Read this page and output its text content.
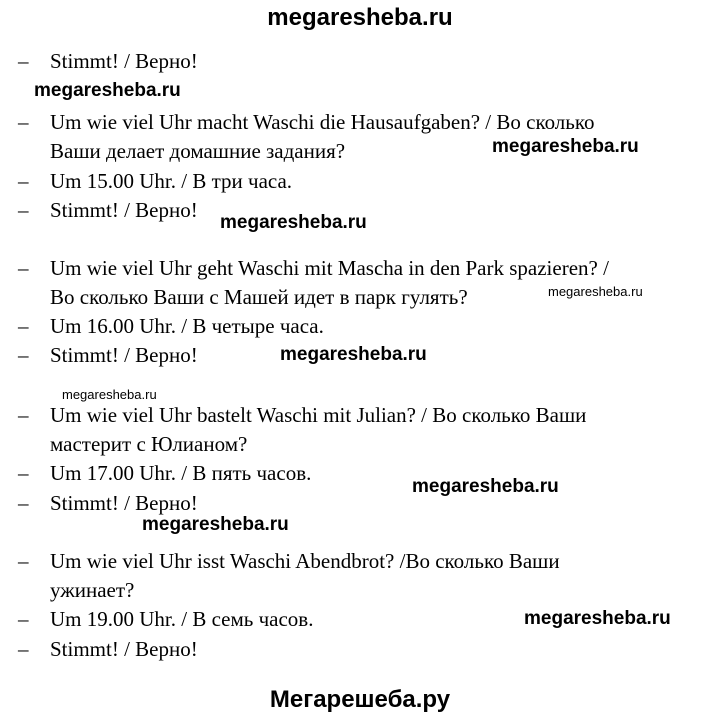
megaresheba.ru
– Stimmt! / Верно!
– Um wie viel Uhr macht Waschi die Hausaufgaben? / Во сколько
Ваши делает домашние задания?
– Um 15.00 Uhr. / В три часа.
– Stimmt! / Верно!
– Um wie viel Uhr geht Waschi mit Mascha in den Park spazieren? /
Во сколько Ваши с Машей идет в парк гулять?
– Um 16.00 Uhr. / В четыре часа.
– Stimmt! / Верно!
– Um wie viel Uhr bastelt Waschi mit Julian? / Во сколько Ваши
мастерит с Юлианом?
– Um 17.00 Uhr. / В пять часов.
– Stimmt! / Верно!
– Um wie viel Uhr isst Waschi Abendbrot? /Во сколько Ваши
ужинает?
– Um 19.00 Uhr. / В семь часов.
– Stimmt! / Верно!
megaresheba.ru
megaresheba.ru
megaresheba.ru
megaresheba.ru
megaresheba.ru
megaresheba.ru
megaresheba.ru
megaresheba.ru
megaresheba.ru
Мегарешеба.ру
